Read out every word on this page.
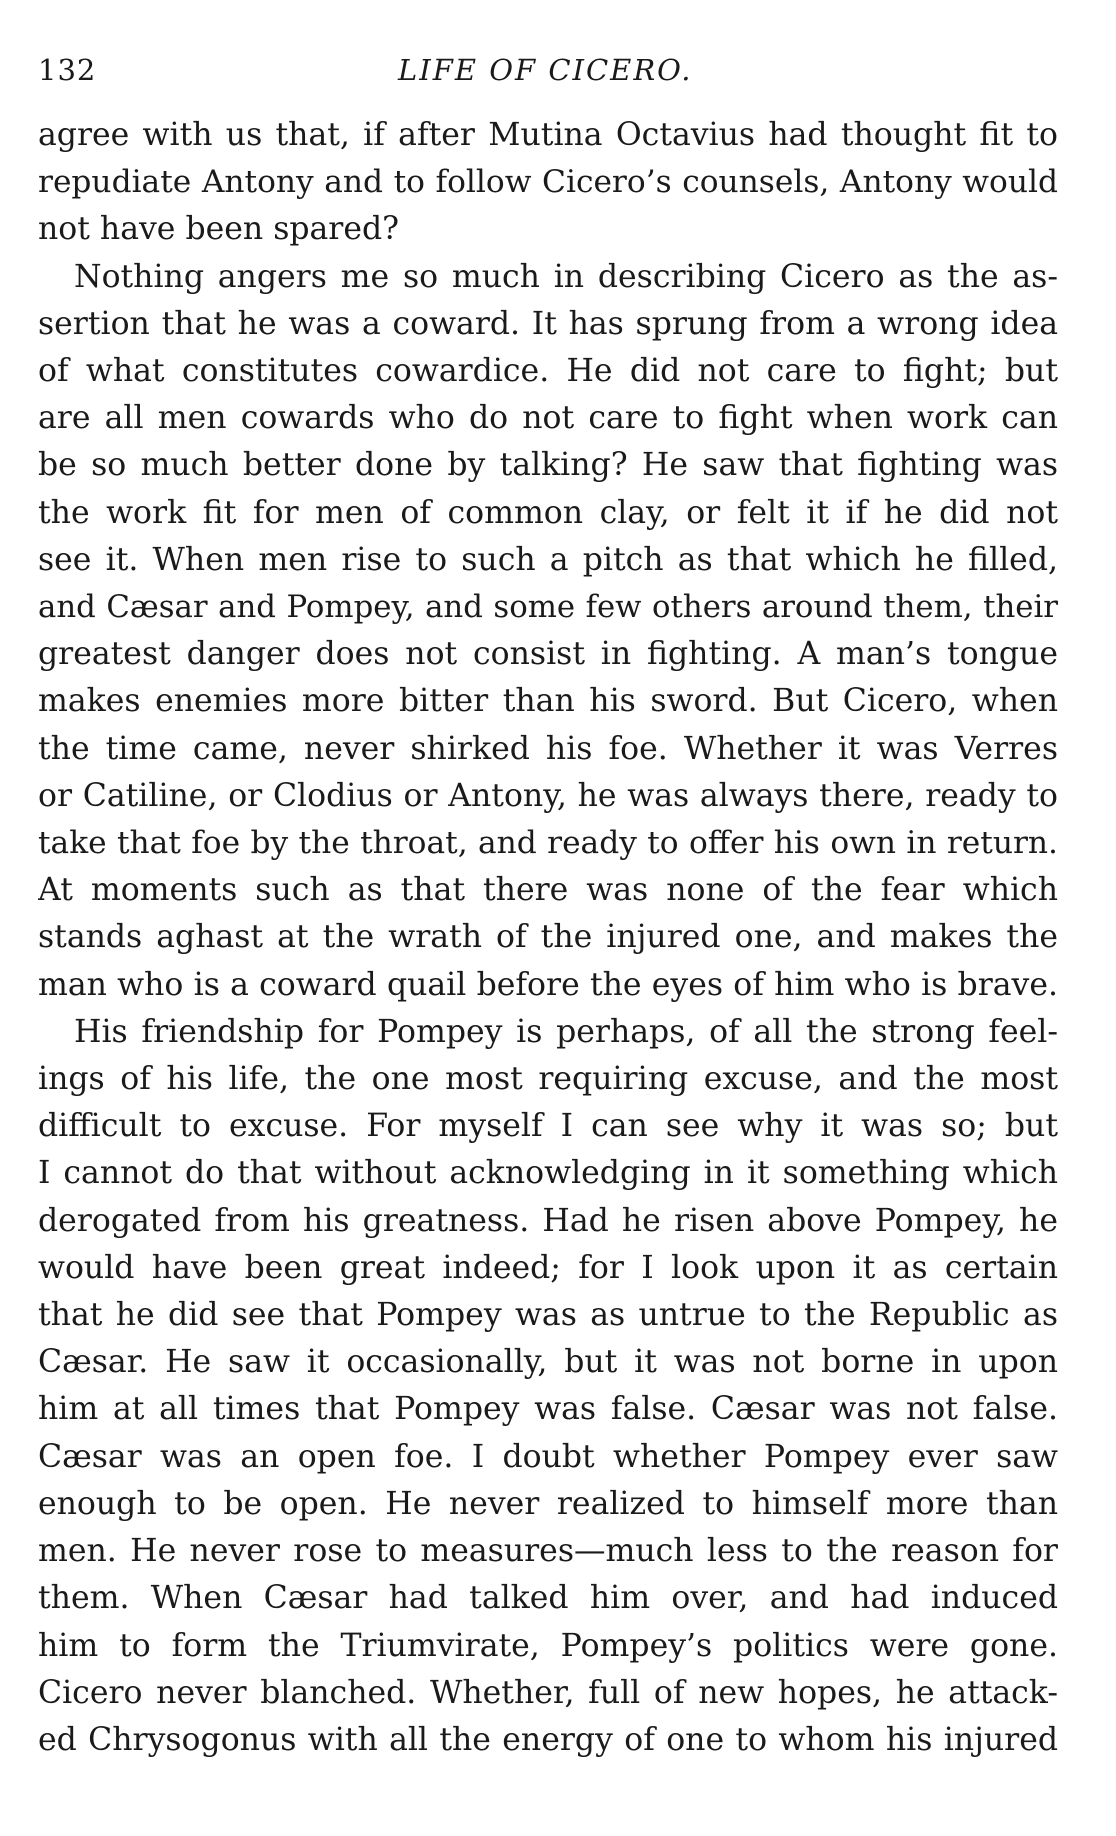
132	LIFE OF CICERO.
agree with us that, if after Mutina Octavius had thought fit to
repudiate Antony and to follow Cicero’s counsels, Antony would
not have been spared?
Nothing angers me so much in describing Cicero as the as-
sertion that he was a coward. It has sprung from a wrong idea
of what constitutes cowardice. He did not care to fight; but
are all men cowards who do not care to fight when work can
be so much better done by talking? He saw that fighting was
the work fit for men of common clay, or felt it if he did not
see it. When men rise to such a pitch as that which he filled,
and Cæsar and Pompey, and some few others around them, their
greatest danger does not consist in fighting. A man’s tongue
makes enemies more bitter than his sword. But Cicero, when
the time came, never shirked his foe. Whether it was Verres
or Catiline, or Clodius or Antony, he was always there, ready to
take that foe by the throat, and ready to offer his own in return.
At moments such as that there was none of the fear which
stands aghast at the wrath of the injured one, and makes the
man who is a coward quail before the eyes of him who is brave.
His friendship for Pompey is perhaps, of all the strong feel-
ings of his life, the one most requiring excuse, and the most
difficult to excuse. For myself I can see why it was so; but
I cannot do that without acknowledging in it something which
derogated from his greatness. Had he risen above Pompey, he
would have been great indeed; for I look upon it as certain
that he did see that Pompey was as untrue to the Republic as
Cæsar. He saw it occasionally, but it was not borne in upon
him at all times that Pompey was false. Cæsar was not false.
Cæsar was an open foe. I doubt whether Pompey ever saw
enough to be open. He never realized to himself more than
men. He never rose to measures—much less to the reason for
them. When Cæsar had talked him over, and had induced
him to form the Triumvirate, Pompey’s politics were gone.
Cicero never blanched. Whether, full of new hopes, he attack-
ed Chrysogonus with all the energy of one to whom his injured
